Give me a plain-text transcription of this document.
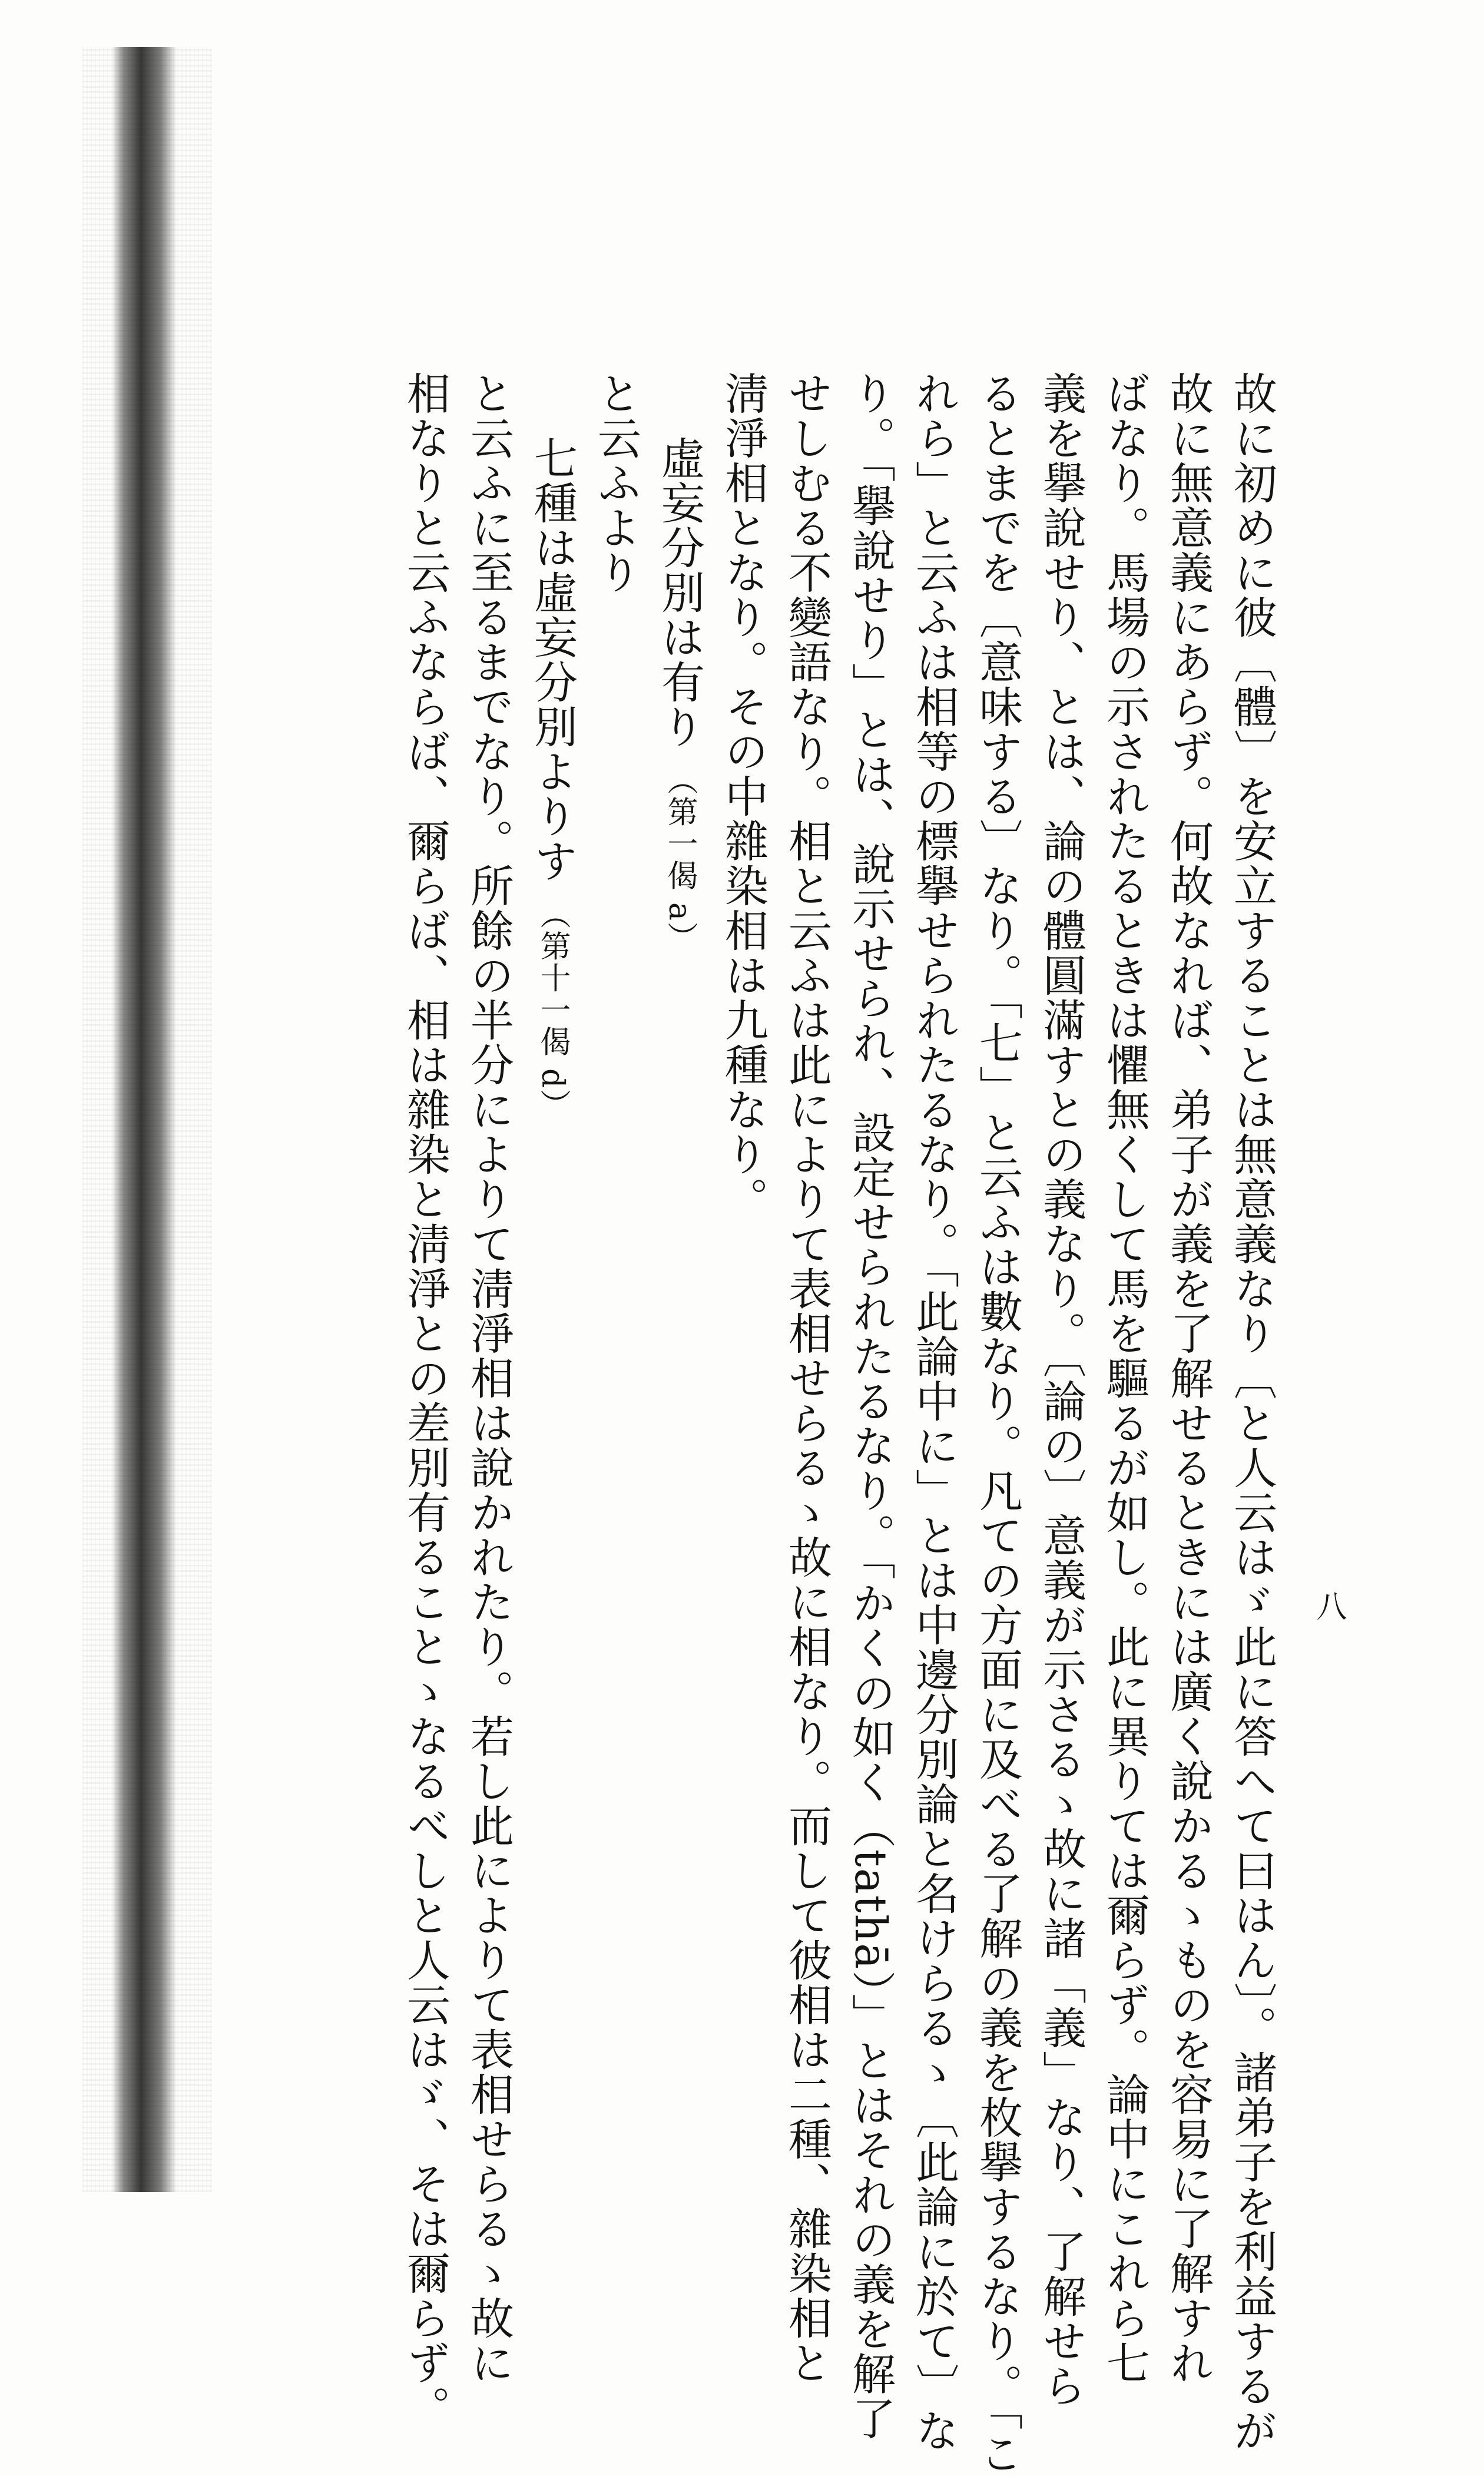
八
故に初めに彼〔體〕を安立することは無意義なり〔と人云はゞ此に答へて曰はん〕。諸弟子を利益するが
故に無意義にあらず。何故なれば、弟子が義を了解せるときには廣く說かるゝものを容易に了解すれ
ばなり。馬場の示されたるときは懼無くして馬を驅るが如し。此に異りては爾らず。論中にこれら七
義を擧說せり、とは、論の體圓滿すとの義なり。〔論の〕意義が示さるゝ故に諸「義」なり、了解せら
るとまでを〔意味する〕なり。「七」と云ふは數なり。凡ての方面に及べる了解の義を枚擧するなり。「こ
れら」と云ふは相等の標擧せられたるなり。「此論中に」とは中邊分別論と名けらるゝ〔此論に於て〕な
り。「擧說せり」とは、說示せられ、設定せられたるなり。「かくの如く（tathā）」とはそれの義を解了
せしむる不變語なり。相と云ふは此によりて表相せらるゝ故に相なり。而して彼相は二種、雜染相と
淸淨相となり。その中雜染相は九種なり。
虛妄分別は有り （第一偈 a）
と云ふより
七種は虛妄分別よりす （第十一偈 d）
と云ふに至るまでなり。所餘の半分によりて淸淨相は說かれたり。若し此によりて表相せらるゝ故に
相なりと云ふならば、爾らば、相は雜染と淸淨との差別有ることゝなるべしと人云はゞ、そは爾らず。
